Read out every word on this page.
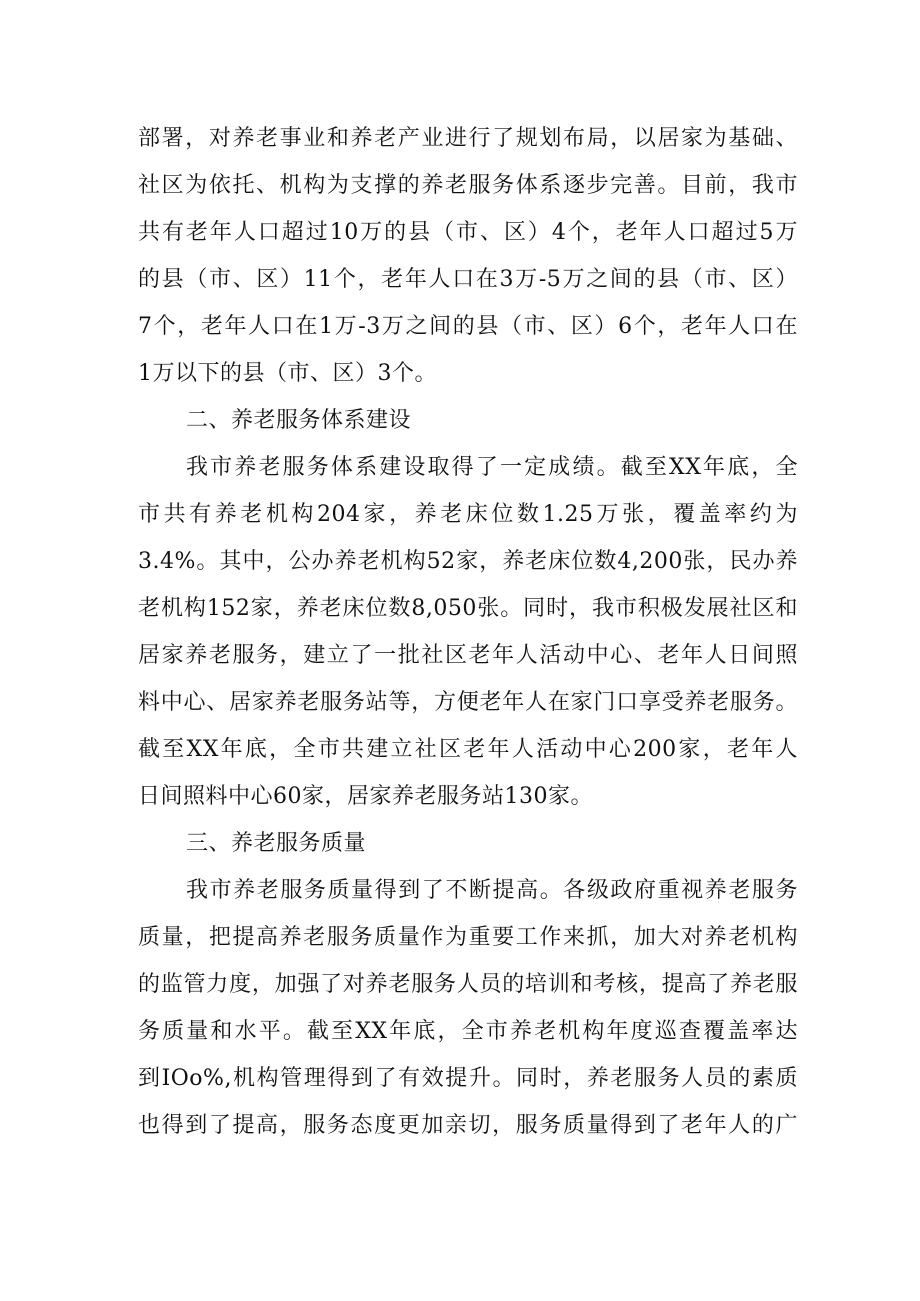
部署，对养老事业和养老产业进行了规划布局，以居家为基础、
社区为依托、机构为支撑的养老服务体系逐步完善。目前，我市
共有老年人口超过10万的县（市、区）4个，老年人口超过5万
的县（市、区）11个，老年人口在3万-5万之间的县（市、区）
7个，老年人口在1万-3万之间的县（市、区）6个，老年人口在
1万以下的县（市、区）3个。
二、养老服务体系建设
我市养老服务体系建设取得了一定成绩。截至XX年底，全
市共有养老机构204家，养老床位数1.25万张，覆盖率约为
3.4%。其中，公办养老机构52家，养老床位数4,200张，民办养
老机构152家，养老床位数8,050张。同时，我市积极发展社区和
居家养老服务，建立了一批社区老年人活动中心、老年人日间照
料中心、居家养老服务站等，方便老年人在家门口享受养老服务。
截至XX年底，全市共建立社区老年人活动中心200家，老年人
日间照料中心60家，居家养老服务站130家。
三、养老服务质量
我市养老服务质量得到了不断提高。各级政府重视养老服务
质量，把提高养老服务质量作为重要工作来抓，加大对养老机构
的监管力度，加强了对养老服务人员的培训和考核，提高了养老服
务质量和水平。截至XX年底，全市养老机构年度巡查覆盖率达
到IOo%,机构管理得到了有效提升。同时，养老服务人员的素质
也得到了提高，服务态度更加亲切，服务质量得到了老年人的广
